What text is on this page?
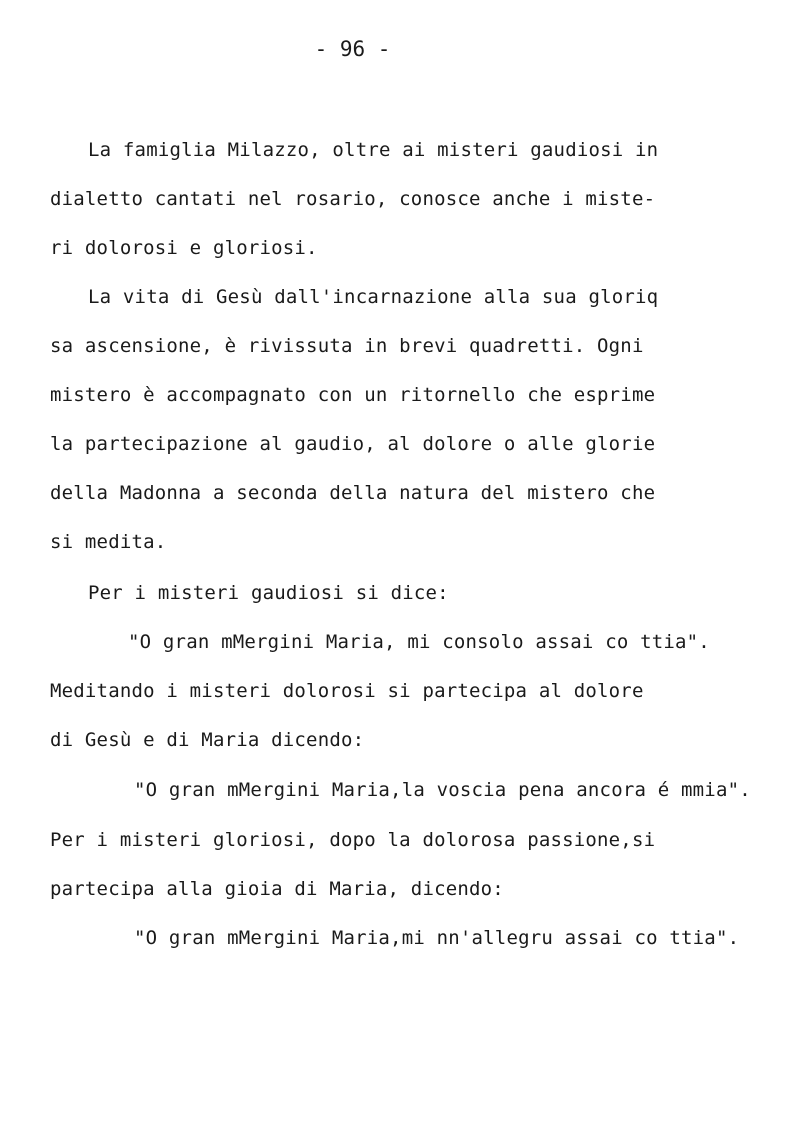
- 96 -
La famiglia Milazzo, oltre ai misteri gaudiosi in
dialetto cantati nel rosario, conosce anche i miste-
ri dolorosi e gloriosi.
La vita di Gesù dall'incarnazione alla sua gloriq
sa ascensione, è rivissuta in brevi quadretti. Ogni
mistero è accompagnato con un ritornello che esprime
la partecipazione al gaudio, al dolore o alle glorie
della Madonna a seconda della natura del mistero che
si medita.
Per i misteri gaudiosi si dice:
"O gran mMergini Maria, mi consolo assai co ttia".
Meditando i misteri dolorosi si partecipa al dolore
di Gesù e di Maria dicendo:
"O gran mMergini Maria,la voscia pena ancora é mmia".
Per i misteri gloriosi, dopo la dolorosa passione,si
partecipa alla gioia di Maria, dicendo:
"O gran mMergini Maria,mi nn'allegru assai co ttia".
